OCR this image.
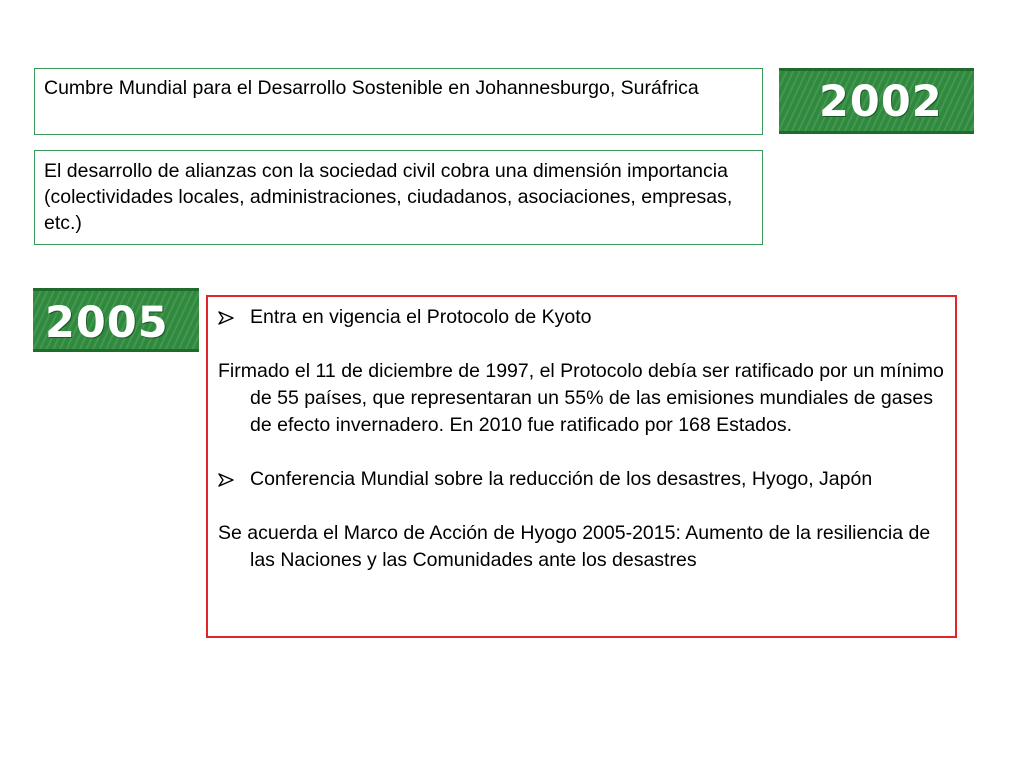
Cumbre Mundial para el Desarrollo Sostenible en Johannesburgo, Suráfrica	2002
El desarrollo de alianzas con la sociedad civil cobra una dimensión importancia (colectividades locales, administraciones, ciudadanos, asociaciones, empresas, etc.)
2005	Entra en vigencia el Protocolo de Kyoto
Firmado el 11 de diciembre de 1997, el Protocolo debía ser ratificado por un mínimo de 55 países, que representaran un 55% de las emisiones mundiales de gases de efecto invernadero. En 2010 fue ratificado por 168 Estados.
Conferencia Mundial sobre la reducción de los desastres, Hyogo, Japón
Se acuerda el Marco de Acción de Hyogo 2005-2015: Aumento de la resiliencia de las Naciones y las Comunidades ante los desastres
